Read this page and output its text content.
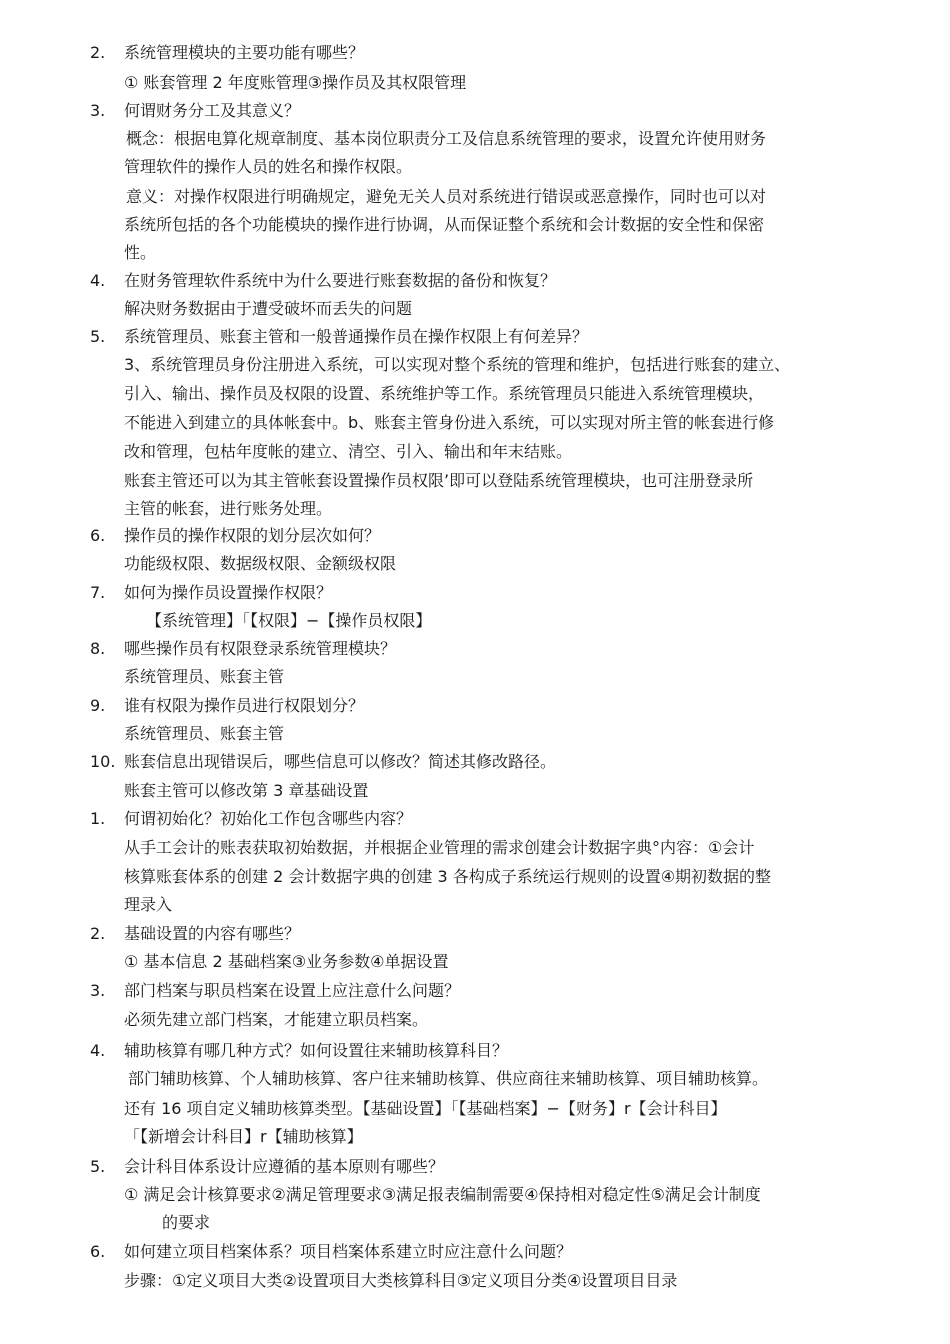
2.	系统管理模块的主要功能有哪些？
① 账套管理 2 年度账管理③操作员及其权限管理
3.	何谓财务分工及其意义？
概念：根据电算化规章制度、基本岗位职责分工及信息系统管理的要求，设置允许使用财务
管理软件的操作人员的姓名和操作权限。
意义：对操作权限进行明确规定，避免无关人员对系统进行错误或恶意操作，同时也可以对
系统所包括的各个功能模块的操作进行协调，从而保证整个系统和会计数据的安全性和保密
性。
4.	在财务管理软件系统中为什么要进行账套数据的备份和恢复？
解决财务数据由于遭受破坏而丢失的问题
5.	系统管理员、账套主管和一般普通操作员在操作权限上有何差异？
3、系统管理员身份注册进入系统，可以实现对整个系统的管理和维护，包括进行账套的建立、
引入、输出、操作员及权限的设置、系统维护等工作。系统管理员只能进入系统管理模块，
不能进入到建立的具体帐套中。b、账套主管身份进入系统，可以实现对所主管的帐套进行修
改和管理，包枯年度帐的建立、清空、引入、输出和年末结账。
账套主管还可以为其主管帐套设置操作员权限’即可以登陆系统管理模块，也可注册登录所
主管的帐套，进行账务处理。
6.	操作员的操作权限的划分层次如何？
功能级权限、数据级权限、金额级权限
7.	如何为操作员设置操作权限？
【系统管理】「【权限】−【操作员权限】
8.	哪些操作员有权限登录系统管理模块？
系统管理员、账套主管
9.	谁有权限为操作员进行权限划分？
系统管理员、账套主管
10. 账套信息出现错误后，哪些信息可以修改？简述其修改路径。
账套主管可以修改第 3 章基础设置
1.	何谓初始化？初始化工作包含哪些内容？
从手工会计的账表获取初始数据，并根据企业管理的需求创建会计数据字典°内容：①会计
核算账套体系的创建 2 会计数据字典的创建 3 各构成子系统运行规则的设置④期初数据的整
理录入
2.	基础设置的内容有哪些？
① 基本信息 2 基础档案③业务参数④单据设置
3.	部门档案与职员档案在设置上应注意什么问题？
必须先建立部门档案，才能建立职员档案。
4.	辅助核算有哪几种方式？如何设置往来辅助核算科目？
部门辅助核算、个人辅助核算、客户往来辅助核算、供应商往来辅助核算、项目辅助核算。
还有 16 项自定义辅助核算类型。【基础设置】「【基础档案】−【财务】r【会计科目】
「【新增会计科目】r【辅助核算】
5.	会计科目体系设计应遵循的基本原则有哪些？
① 满足会计核算要求②满足管理要求③满足报表编制需要④保持相对稳定性⑤满足会计制度
的要求
6.	如何建立项目档案体系？项目档案体系建立时应注意什么问题？
步骤：①定义项目大类②设置项目大类核算科目③定义项目分类④设置项目目录
